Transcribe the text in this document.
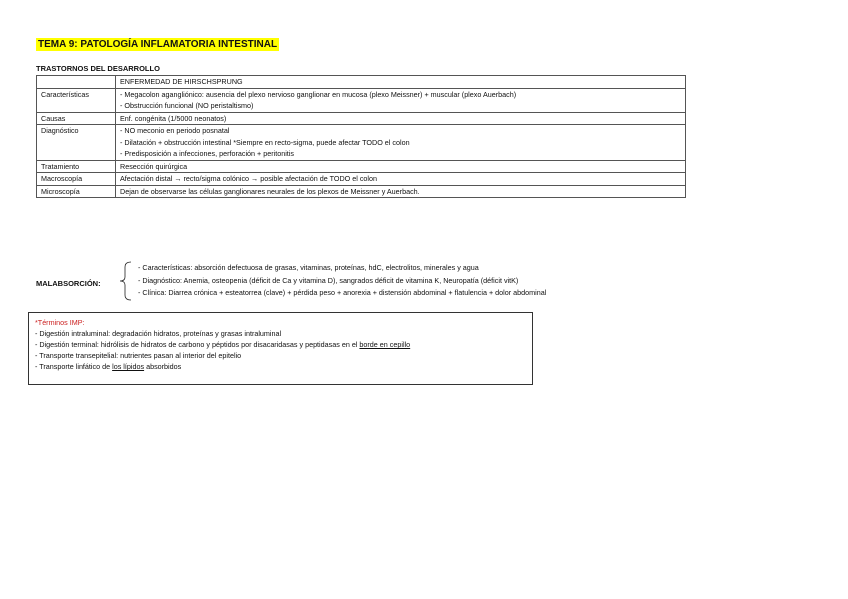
TEMA 9: PATOLOGÍA INFLAMATORIA INTESTINAL
TRASTORNOS DEL DESARROLLO
	ENFERMEDAD DE HIRSCHSPRUNG
Características	- Megacolon agangliónico: ausencia del plexo nervioso ganglionar en mucosa (plexo Meissner) + muscular (plexo Auerbach)
- Obstrucción funcional (NO peristaltismo)

Causas	Enf. congénita (1/5000 neonatos)

Diagnóstico	- NO meconio en periodo posnatal
- Dilatación + obstrucción intestinal *Siempre en recto-sigma, puede afectar TODO el colon
- Predisposición a infecciones, perforación + peritonitis

Tratamiento	Resección quirúrgica

Macroscopía	Afectación distal → recto/sigma colónico → posible afectación de TODO el colon

Microscopía	Dejan de observarse las células ganglionares neurales de los plexos de Meissner y Auerbach.
MALABSORCIÓN:
- Características: absorción defectuosa de grasas, vitaminas, proteínas, hdC, electrolitos, minerales y agua
- Diagnóstico: Anemia, osteopenia (déficit de Ca y vitamina D), sangrados déficit de vitamina K, Neuropatía (déficit vitK)
- Clínica: Diarrea crónica + esteatorrea (clave) + pérdida peso + anorexia + distensión abdominal + flatulencia + dolor abdominal
*Términos IMP:
- Digestión intraluminal: degradación hidratos, proteínas y grasas intraluminal
- Digestión terminal: hidrólisis de hidratos de carbono y péptidos por disacaridasas y peptidasas en el borde en cepillo
- Transporte transepitelial: nutrientes pasan al interior del epitelio
- Transporte linfático de los lípidos absorbidos
